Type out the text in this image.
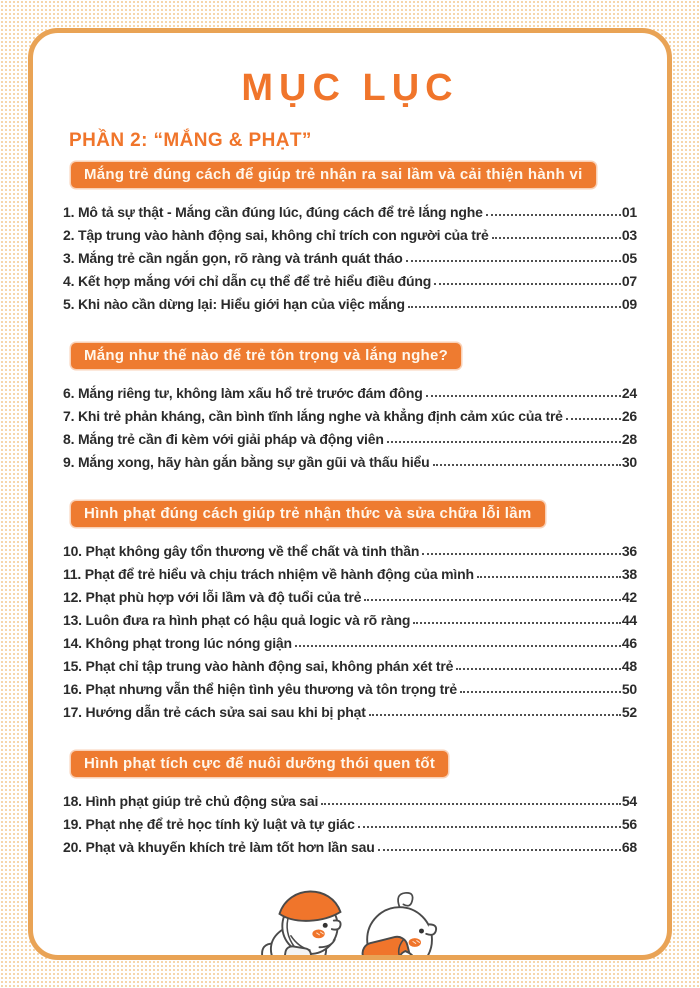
MỤC LỤC
PHẦN 2: “MẮNG & PHẠT”
Mắng trẻ đúng cách để giúp trẻ nhận ra sai lầm và cải thiện hành vi
1. Mô tả sự thật - Mắng cần đúng lúc, đúng cách để trẻ lắng nghe	01
2. Tập trung vào hành động sai, không chỉ trích con người của trẻ	03
3. Mắng trẻ cần ngắn gọn, rõ ràng và tránh quát tháo	05
4. Kết hợp mắng với chỉ dẫn cụ thể để trẻ hiểu điều đúng	07
5. Khi nào cần dừng lại: Hiểu giới hạn của việc mắng	09
Mắng như thế nào để trẻ tôn trọng và lắng nghe?
6. Mắng riêng tư, không làm xấu hổ trẻ trước đám đông	24
7. Khi trẻ phản kháng, cần bình tĩnh lắng nghe và khẳng định cảm xúc của trẻ	26
8. Mắng trẻ cần đi kèm với giải pháp và động viên	28
9. Mắng xong, hãy hàn gắn bằng sự gần gũi và thấu hiểu	30
Hình phạt đúng cách giúp trẻ nhận thức và sửa chữa lỗi lầm
10. Phạt không gây tổn thương về thể chất và tinh thần	36
11. Phạt để trẻ hiểu và chịu trách nhiệm về hành động của mình	38
12. Phạt phù hợp với lỗi lầm và độ tuổi của trẻ	42
13. Luôn đưa ra hình phạt có hậu quả logic và rõ ràng	44
14. Không phạt trong lúc nóng giận	46
15. Phạt chỉ tập trung vào hành động sai, không phán xét trẻ	48
16. Phạt nhưng vẫn thể hiện tình yêu thương và tôn trọng trẻ	50
17. Hướng dẫn trẻ cách sửa sai sau khi bị phạt	52
Hình phạt tích cực để nuôi dưỡng thói quen tốt
18. Hình phạt giúp trẻ chủ động sửa sai	54
19. Phạt nhẹ để trẻ học tính kỷ luật và tự giác	56
20. Phạt và khuyến khích trẻ làm tốt hơn lần sau	68
